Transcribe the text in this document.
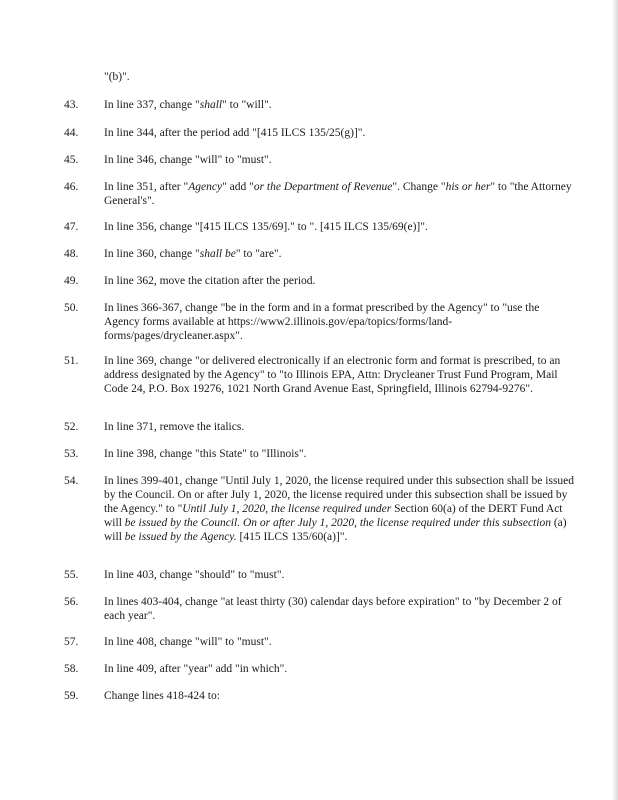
"(b)".
43.	In line 337, change "shall" to "will".
44.	In line 344, after the period add "[415 ILCS 135/25(g)]".
45.	In line 346, change "will" to "must".
46.	In line 351, after "Agency" add "or the Department of Revenue". Change "his or her" to "the Attorney General's".
47.	In line 356, change "[415 ILCS 135/69]." to ". [415 ILCS 135/69(e)]".
48.	In line 360, change "shall be" to "are".
49.	In line 362, move the citation after the period.
50.	In lines 366-367, change "be in the form and in a format prescribed by the Agency" to "use the Agency forms available at https://www2.illinois.gov/epa/topics/forms/land-forms/pages/drycleaner.aspx".
51.	In line 369, change "or delivered electronically if an electronic form and format is prescribed, to an address designated by the Agency" to "to Illinois EPA, Attn: Drycleaner Trust Fund Program, Mail Code 24, P.O. Box 19276, 1021 North Grand Avenue East, Springfield, Illinois 62794-9276".
52.	In line 371, remove the italics.
53.	In line 398, change "this State" to "Illinois".
54.	In lines 399-401, change "Until July 1, 2020, the license required under this subsection shall be issued by the Council. On or after July 1, 2020, the license required under this subsection shall be issued by the Agency." to "Until July 1, 2020, the license required under Section 60(a) of the DERT Fund Act will be issued by the Council. On or after July 1, 2020, the license required under this subsection (a) will be issued by the Agency. [415 ILCS 135/60(a)]".
55.	In line 403, change "should" to "must".
56.	In lines 403-404, change "at least thirty (30) calendar days before expiration" to "by December 2 of each year".
57.	In line 408, change "will" to "must".
58.	In line 409, after "year" add "in which".
59.	Change lines 418-424 to:
